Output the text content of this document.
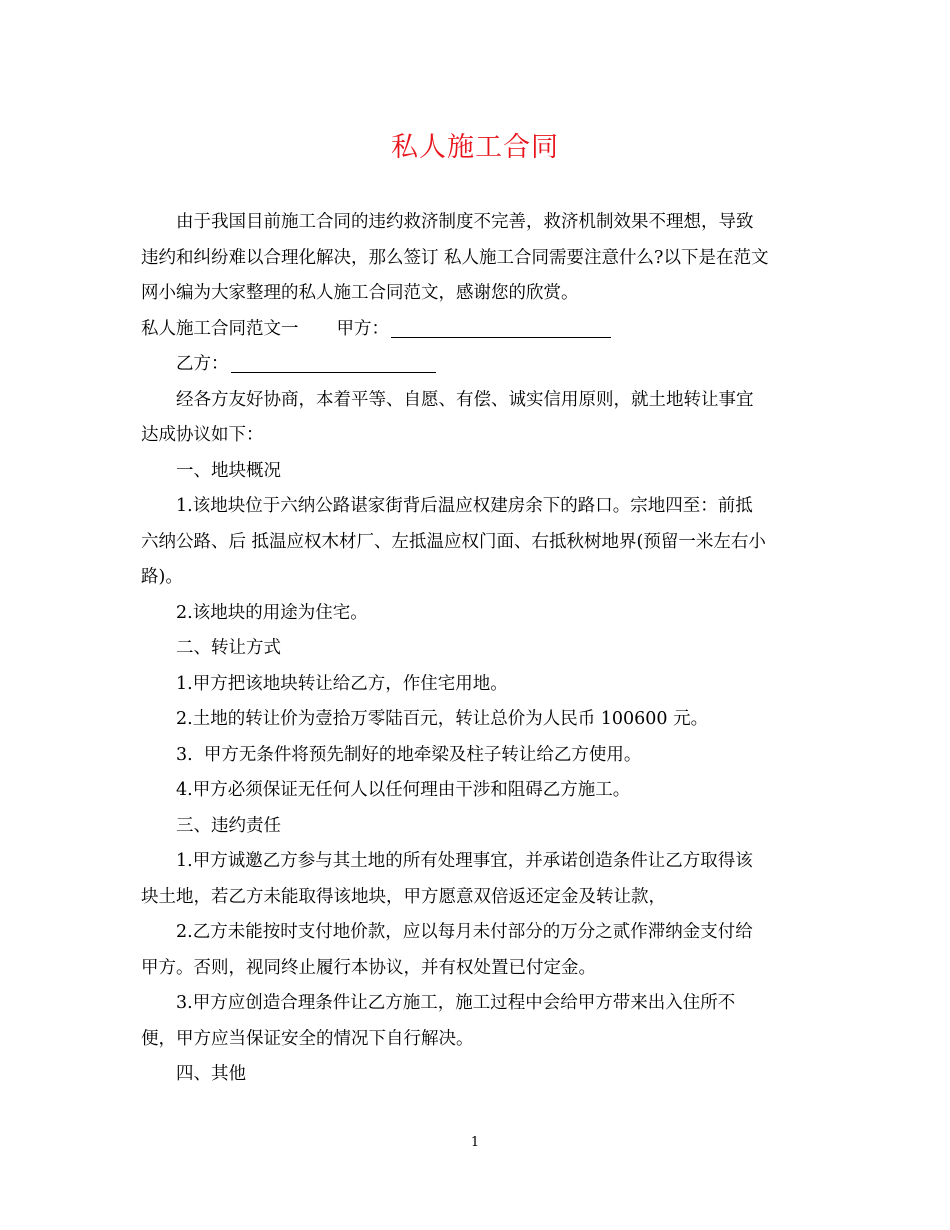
私人施工合同

由于我国目前施工合同的违约救济制度不完善，救济机制效果不理想，导致

违约和纠纷难以合理化解决，那么签订 私人施工合同需要注意什么?以下是在范文

网小编为大家整理的私人施工合同范文，感谢您的欣赏。

私人施工合同范文一 甲方：

乙方：

经各方友好协商，本着平等、自愿、有偿、诚实信用原则，就土地转让事宜

达成协议如下：

一、地块概况

1.该地块位于六纳公路谌家街背后温应权建房余下的路口。宗地四至：前抵

六纳公路、后 抵温应权木材厂、左抵温应权门面、右抵秋树地界(预留一米左右小

路)。

2.该地块的用途为住宅。

二、转让方式

1.甲方把该地块转让给乙方，作住宅用地。

2.土地的转让价为壹拾万零陆百元，转让总价为人民币 100600 元。

3.  甲方无条件将预先制好的地牵梁及柱子转让给乙方使用。

4.甲方必须保证无任何人以任何理由干涉和阻碍乙方施工。

三、违约责任

1.甲方诚邀乙方参与其土地的所有处理事宜，并承诺创造条件让乙方取得该

块土地，若乙方未能取得该地块，甲方愿意双倍返还定金及转让款，

2.乙方未能按时支付地价款，应以每月未付部分的万分之贰作滞纳金支付给

甲方。否则，视同终止履行本协议，并有权处置已付定金。

3.甲方应创造合理条件让乙方施工，施工过程中会给甲方带来出入住所不

便，甲方应当保证安全的情况下自行解决。

四、其他

1
